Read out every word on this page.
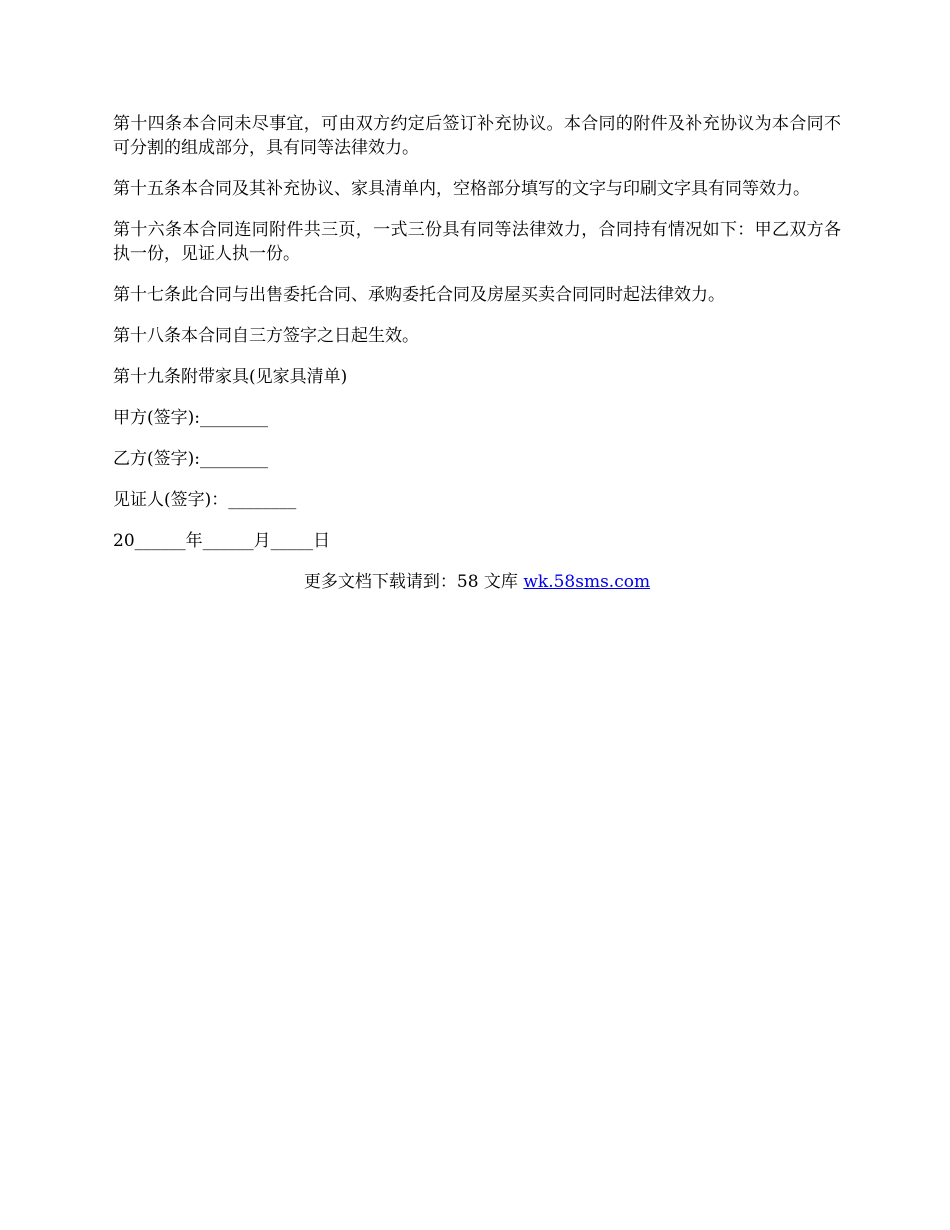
第十四条本合同未尽事宜，可由双方约定后签订补充协议。本合同的附件及补充协议为本合同不可分割的组成部分，具有同等法律效力。

第十五条本合同及其补充协议、家具清单内，空格部分填写的文字与印刷文字具有同等效力。

第十六条本合同连同附件共三页，一式三份具有同等法律效力，合同持有情况如下：甲乙双方各执一份，见证人执一份。

第十七条此合同与出售委托合同、承购委托合同及房屋买卖合同同时起法律效力。

第十八条本合同自三方签字之日起生效。

第十九条附带家具(见家具清单)

甲方(签字):________

乙方(签字):________

见证人(签字)：________

20______年______月_____日

更多文档下载请到：58 文库 wk.58sms.com
